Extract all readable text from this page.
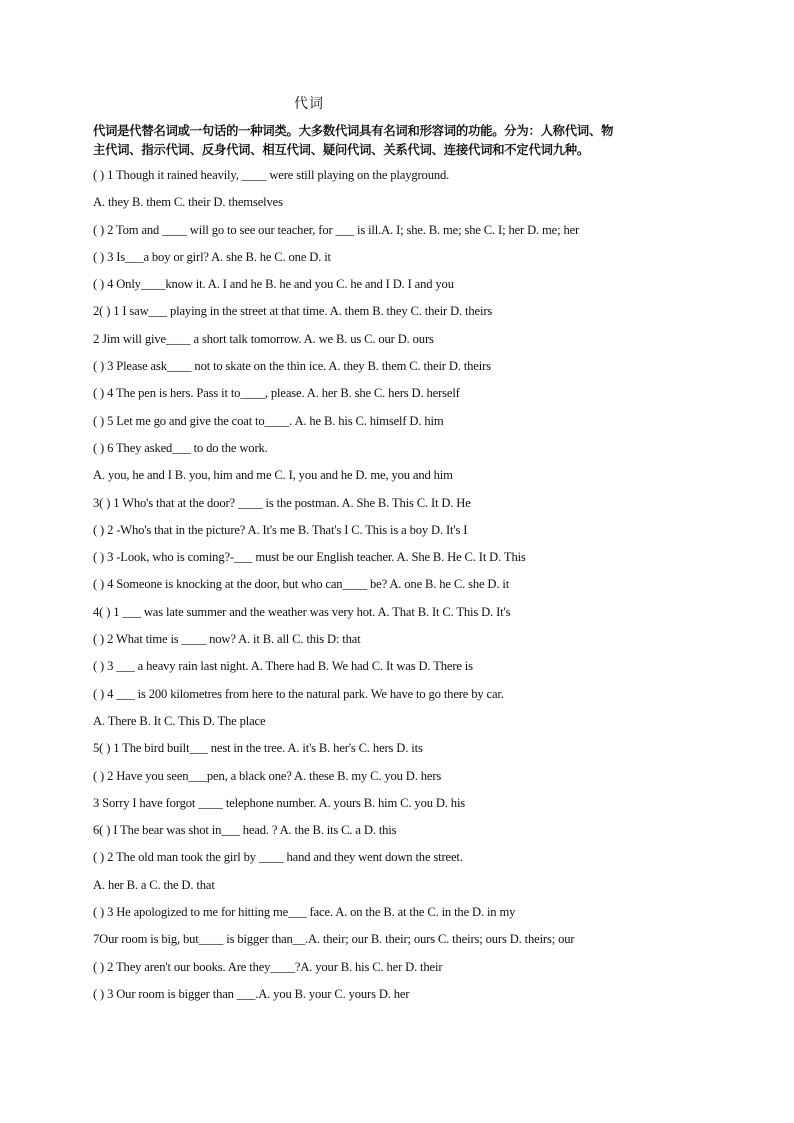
代词
代词是代替名词或一句话的一种词类。大多数代词具有名词和形容词的功能。分为：人称代词、物
主代词、指示代词、反身代词、相互代词、疑问代词、关系代词、连接代词和不定代词九种。
( ) 1 Though it rained heavily, ____ were still playing on the playground.
A. they B. them C. their D. themselves
( ) 2 Tom and ____ will go to see our teacher, for ___ is ill.A. I; she. B. me; she C. I; her D. me; her
( ) 3 Is___a boy or girl? A. she B. he C. one D. it
( ) 4 Only____know it. A. I and he B. he and you C. he and I D. I and you
2( ) 1 I saw___ playing in the street at that time. A. them B. they C. their D. theirs
2 Jim will give____ a short talk tomorrow. A. we B. us C. our D. ours
( ) 3 Please ask____ not to skate on the thin ice. A. they B. them C. their D. theirs
( ) 4 The pen is hers. Pass it to____, please. A. her B. she C. hers D. herself
( ) 5 Let me go and give the coat to____. A. he B. his C. himself D. him
( ) 6 They asked___ to do the work.
A. you, he and I B. you, him and me C. I, you and he D. me, you and him
3( ) 1 Who's that at the door? ____ is the postman. A. She B. This C. It D. He
( ) 2 -Who's that in the picture? A. It's me B. That's I C. This is a boy D. It's I
( ) 3 -Look, who is coming?-___ must be our English teacher. A. She B. He C. It D. This
( ) 4 Someone is knocking at the door, but who can____ be? A. one B. he C. she D. it
4( ) 1 ___ was late summer and the weather was very hot. A. That B. It C. This D. It's
( ) 2 What time is ____ now? A. it B. all C. this D: that
( ) 3 ___ a heavy rain last night. A. There had B. We had C. It was D. There is
( ) 4 ___ is 200 kilometres from here to the natural park. We have to go there by car.
A. There B. It C. This D. The place
5( ) 1 The bird built___ nest in the tree. A. it's B. her's C. hers D. its
( ) 2 Have you seen___pen, a black one? A. these B. my C. you D. hers
3 Sorry I have forgot ____ telephone number. A. yours B. him C. you D. his
6( ) I The bear was shot in___ head. ? A. the B. its C. a D. this
( ) 2 The old man took the girl by ____ hand and they went down the street.
A. her B. a C. the D. that
( ) 3 He apologized to me for hitting me___ face. A. on the B. at the C. in the D. in my
7Our room is big, but____ is bigger than__.A. their; our B. their; ours C. theirs; ours D. theirs; our
( ) 2 They aren't our books. Are they____?A. your B. his C. her D. their
( ) 3 Our room is bigger than ___.A. you B. your C. yours D. her
